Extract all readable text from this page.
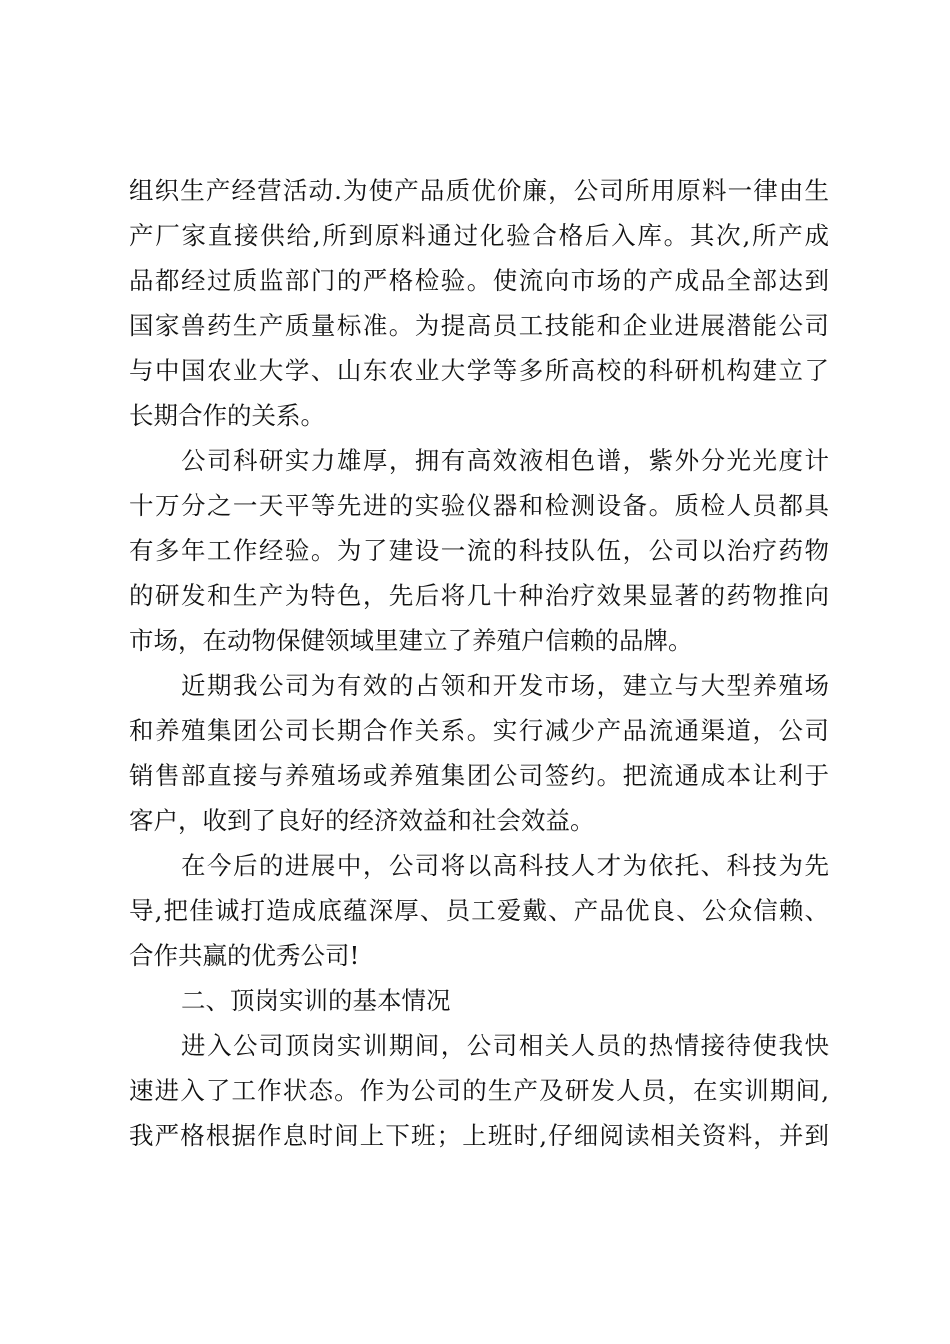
组织生产经营活动.为使产品质优价廉，公司所用原料一律由生
产厂家直接供给,所到原料通过化验合格后入库。其次,所产成
品都经过质监部门的严格检验。使流向市场的产成品全部达到
国家兽药生产质量标准。为提高员工技能和企业进展潜能公司
与中国农业大学、山东农业大学等多所高校的科研机构建立了
长期合作的关系。
公司科研实力雄厚，拥有高效液相色谱，紫外分光光度计
十万分之一天平等先进的实验仪器和检测设备。质检人员都具
有多年工作经验。为了建设一流的科技队伍，公司以治疗药物
的研发和生产为特色，先后将几十种治疗效果显著的药物推向
市场，在动物保健领域里建立了养殖户信赖的品牌。
近期我公司为有效的占领和开发市场，建立与大型养殖场
和养殖集团公司长期合作关系。实行减少产品流通渠道，公司
销售部直接与养殖场或养殖集团公司签约。把流通成本让利于
客户，收到了良好的经济效益和社会效益。
在今后的进展中，公司将以高科技人才为依托、科技为先
导,把佳诚打造成底蕴深厚、员工爱戴、产品优良、公众信赖、
合作共赢的优秀公司!
二、顶岗实训的基本情况
进入公司顶岗实训期间，公司相关人员的热情接待使我快
速进入了工作状态。作为公司的生产及研发人员，在实训期间,
我严格根据作息时间上下班；上班时,仔细阅读相关资料，并到
